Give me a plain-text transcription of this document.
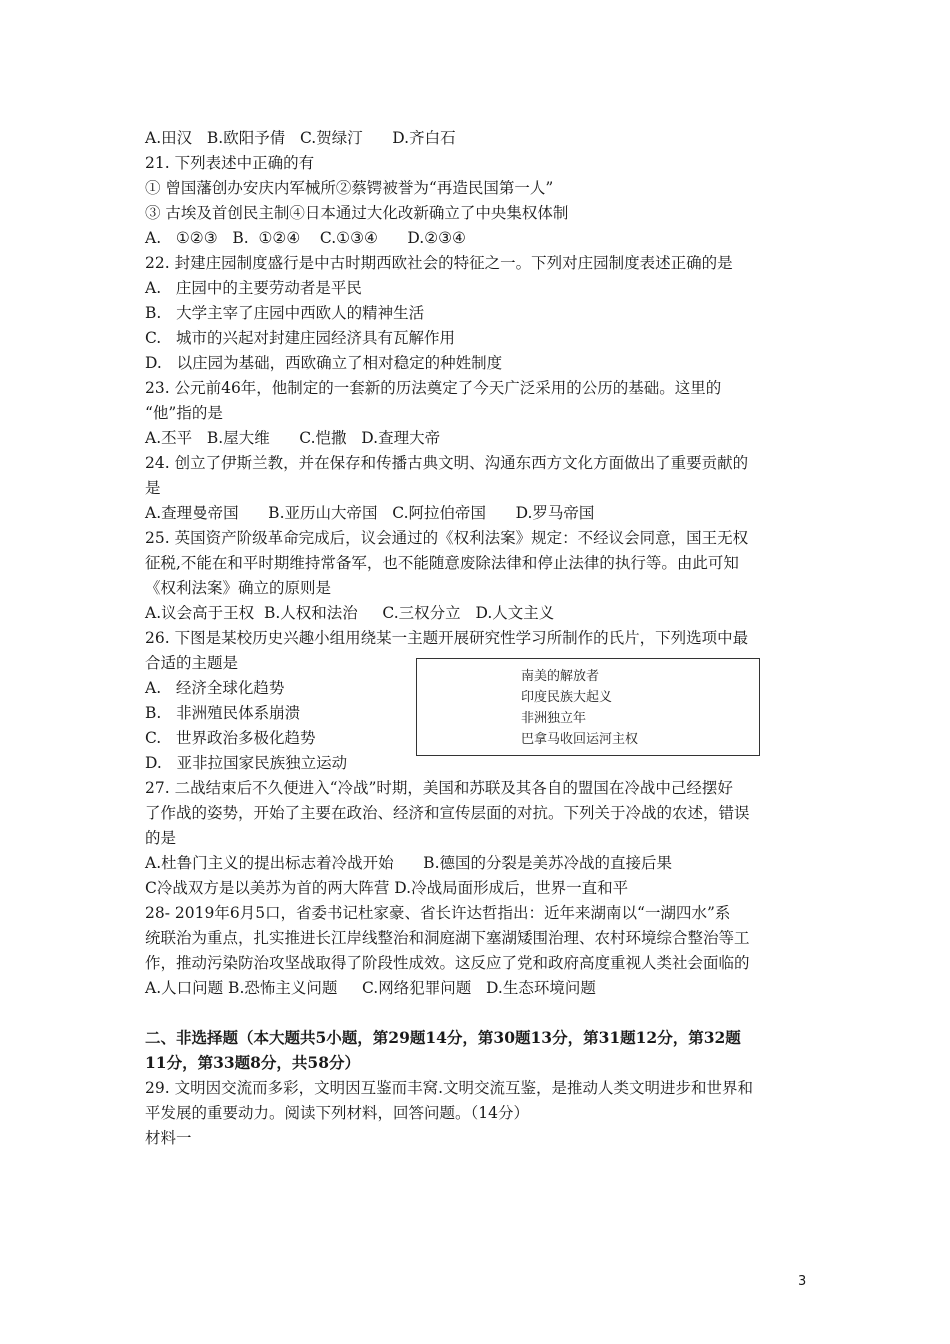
A.田汉   B.欧阳予倩   C.贺绿汀      D.齐白石
21. 下列表述中正确的有
① 曾国藩创办安庆内军械所②蔡锷被誉为“再造民国第一人”
③ 古埃及首创民主制④日本通过大化改新确立了中央集权体制
A.   ①②③   B.  ①②④    C.①③④      D.②③④
22. 封建庄园制度盛行是中古时期西欧社会的特征之一。下列对庄园制度表述正确的是
A.   庄园中的主要劳动者是平民
B.   大学主宰了庄园中西欧人的精神生活
C.   城市的兴起对封建庄园经济具有瓦解作用
D.   以庄园为基础，西欧确立了相对稳定的种姓制度
23. 公元前46年，他制定的一套新的历法奠定了今天广泛采用的公历的基础。这里的
“他”指的是
A.丕平   B.屋大维      C.恺撒   D.查理大帝
24. 创立了伊斯兰教，并在保存和传播古典文明、沟通东西方文化方面做出了重要贡献的
是
A.查理曼帝国      B.亚历山大帝国   C.阿拉伯帝国      D.罗马帝国
25. 英国资产阶级革命完成后，议会通过的《权利法案》规定：不经议会同意，国王无权
征税,不能在和平时期维持常备军，也不能随意废除法律和停止法律的执行等。由此可知
《权利法案》确立的原则是
A.议会高于王权  B.人权和法治     C.三权分立   D.人文主义
26. 下图是某校历史兴趣小组用绕某一主题开展研究性学习所制作的氏片，下列选项中最
合适的主题是
A.   经济全球化趋势
B.   非洲殖民体系崩溃
C.   世界政治多极化趋势
D.   亚非拉国家民族独立运动
南美的解放者
印度民族大起义
非洲独立年
巴拿马收回运河主权
27. 二战结束后不久便进入“冷战”时期，美国和苏联及其各自的盟国在冷战中己经摆好
了作战的姿势，开始了主要在政治、经济和宣传层面的对抗。下列关于冷战的农述，错误
的是
A.杜鲁门主义的提出标志着冷战开始      B.德国的分裂是美苏冷战的直接后果
C冷战双方是以美苏为首的两大阵营 D.冷战局面形成后，世界一直和平
28- 2019年6月5口，省委书记杜家豪、省长许达哲指出：近年来湖南以“一湖四水”系
统联治为重点，扎实推进长江岸线整治和洞庭湖下塞湖矮围治理、农村环境综合整治等工
作，推动污染防治攻坚战取得了阶段性成效。这反应了党和政府高度重视人类社会面临的
A.人口问题 B.恐怖主义问题     C.网络犯罪问题   D.生态环境问题
二、非选择题（本大题共5小题，第29题14分，第30题13分，第31题12分，第32题
11分，第33题8分，共58分）
29. 文明因交流而多彩，文明因互鉴而丰窝.文明交流互鉴，是推动人类文明进步和世界和
平发展的重要动力。阅读下列材料，回答问题。（14分）
材料一
3
